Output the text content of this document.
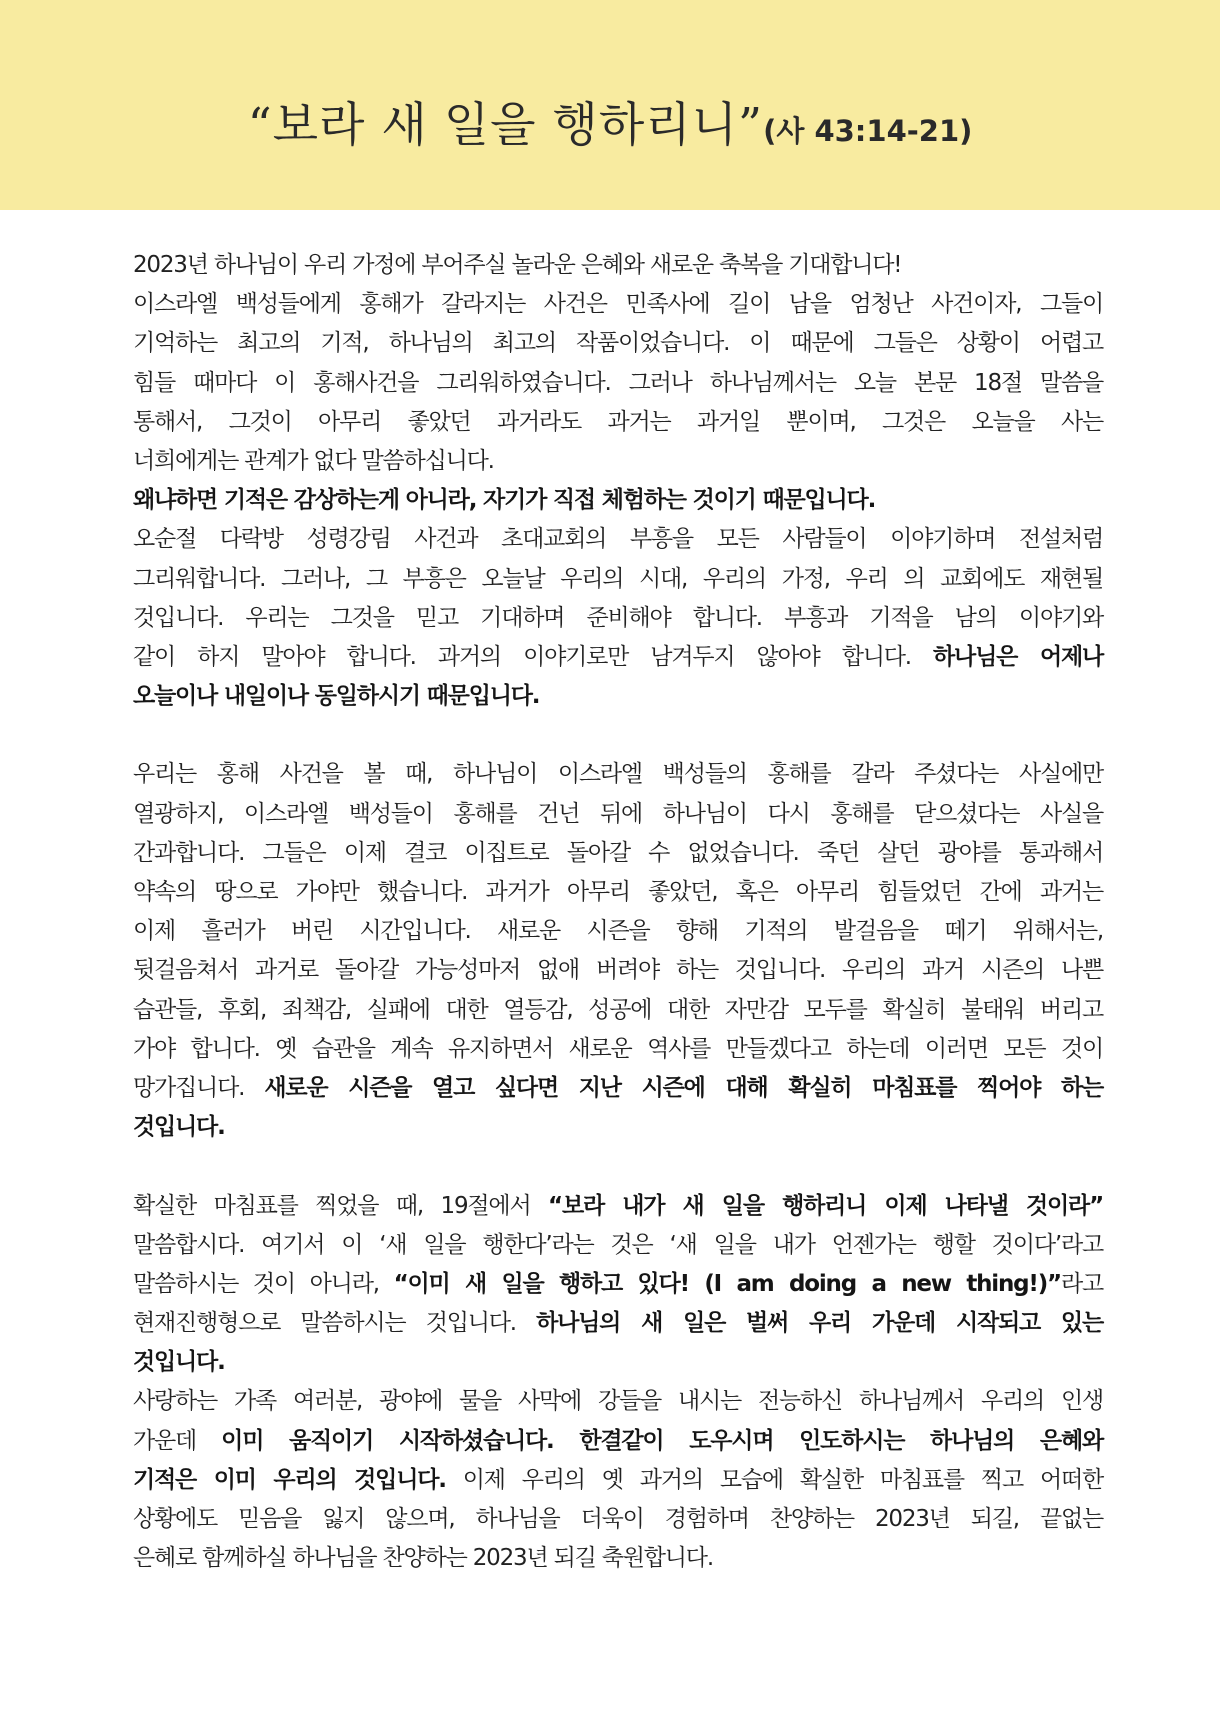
“보라 새 일을 행하리니”(사 43:14-21)
2023년 하나님이 우리 가정에 부어주실 놀라운 은혜와 새로운 축복을 기대합니다!
이스라엘 백성들에게 홍해가 갈라지는 사건은 민족사에 길이 남을 엄청난 사건이자, 그들이
기억하는 최고의 기적, 하나님의 최고의 작품이었습니다. 이 때문에 그들은 상황이 어렵고
힘들 때마다 이 홍해사건을 그리워하였습니다. 그러나 하나님께서는 오늘 본문 18절 말씀을
통해서, 그것이 아무리 좋았던 과거라도 과거는 과거일 뿐이며, 그것은 오늘을 사는
너희에게는 관계가 없다 말씀하십니다.
왜냐하면 기적은 감상하는게 아니라, 자기가 직접 체험하는 것이기 때문입니다.
오순절 다락방 성령강림 사건과 초대교회의 부흥을 모든 사람들이 이야기하며 전설처럼
그리워합니다. 그러나, 그 부흥은 오늘날 우리의 시대, 우리의 가정, 우리 의 교회에도 재현될
것입니다. 우리는 그것을 믿고 기대하며 준비해야 합니다. 부흥과 기적을 남의 이야기와
같이 하지 말아야 합니다. 과거의 이야기로만 남겨두지 않아야 합니다. 하나님은 어제나
오늘이나 내일이나 동일하시기 때문입니다.
우리는 홍해 사건을 볼 때, 하나님이 이스라엘 백성들의 홍해를 갈라 주셨다는 사실에만
열광하지, 이스라엘 백성들이 홍해를 건넌 뒤에 하나님이 다시 홍해를 닫으셨다는 사실을
간과합니다. 그들은 이제 결코 이집트로 돌아갈 수 없었습니다. 죽던 살던 광야를 통과해서
약속의 땅으로 가야만 했습니다. 과거가 아무리 좋았던, 혹은 아무리 힘들었던 간에 과거는
이제 흘러가 버린 시간입니다. 새로운 시즌을 향해 기적의 발걸음을 떼기 위해서는,
뒷걸음쳐서 과거로 돌아갈 가능성마저 없애 버려야 하는 것입니다. 우리의 과거 시즌의 나쁜
습관들, 후회, 죄책감, 실패에 대한 열등감, 성공에 대한 자만감 모두를 확실히 불태워 버리고
가야 합니다. 옛 습관을 계속 유지하면서 새로운 역사를 만들겠다고 하는데 이러면 모든 것이
망가집니다. 새로운 시즌을 열고 싶다면 지난 시즌에 대해 확실히 마침표를 찍어야 하는
것입니다.
확실한 마침표를 찍었을 때, 19절에서 “보라 내가 새 일을 행하리니 이제 나타낼 것이라”
말씀합시다. 여기서 이 ‘새 일을 행한다’라는 것은 ‘새 일을 내가 언젠가는 행할 것이다’라고
말씀하시는 것이 아니라, “이미 새 일을 행하고 있다! (I am doing a new thing!)”라고
현재진행형으로 말씀하시는 것입니다. 하나님의 새 일은 벌써 우리 가운데 시작되고 있는
것입니다.
사랑하는 가족 여러분, 광야에 물을 사막에 강들을 내시는 전능하신 하나님께서 우리의 인생
가운데 이미 움직이기 시작하셨습니다. 한결같이 도우시며 인도하시는 하나님의 은혜와
기적은 이미 우리의 것입니다. 이제 우리의 옛 과거의 모습에 확실한 마침표를 찍고 어떠한
상황에도 믿음을 잃지 않으며, 하나님을 더욱이 경험하며 찬양하는 2023년 되길, 끝없는
은혜로 함께하실 하나님을 찬양하는 2023년 되길 축원합니다.
